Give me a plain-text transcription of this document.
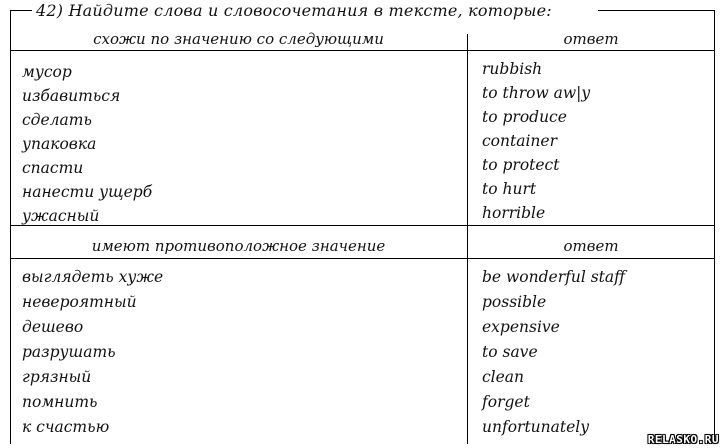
42) Найдите слова и словосочетания в тексте, которые:
схожи по значению со следующими	ответ
мусор
избавиться
сделать
упаковка
спасти
нанести ущерб
ужасный
rubbish
to throw aw|y
to produce
container
to protect
to hurt
horrible
имеют противоположное значение	ответ
выглядеть хуже
невероятный
дешево
разрушать
грязный
помнить
к счастью
be wonderful staff
possible
expensive
to save
clean
forget
unfortunately
RELASKO.RU
